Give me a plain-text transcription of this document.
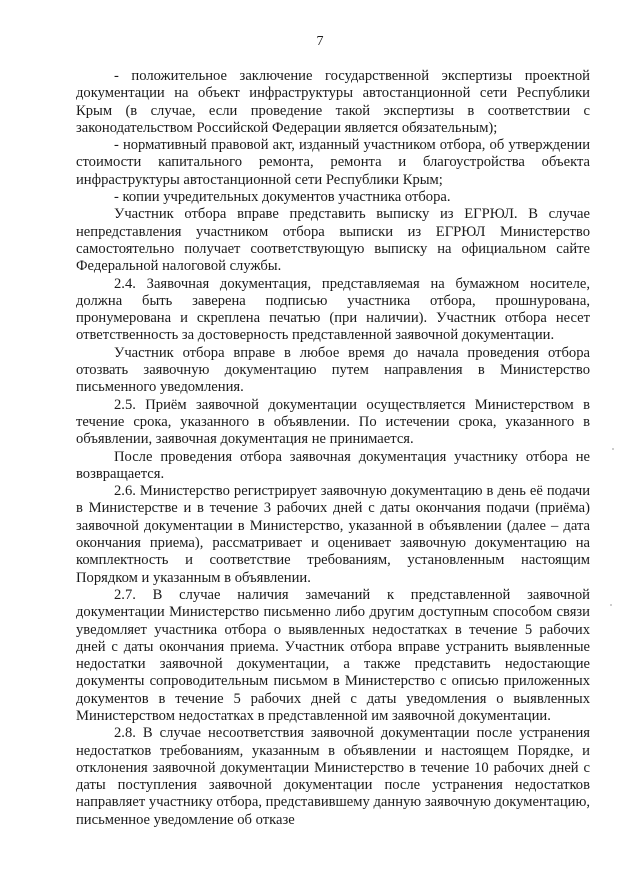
7

- положительное заключение государственной экспертизы проектной документации на объект инфраструктуры автостанционной сети Республики Крым (в случае, если проведение такой экспертизы в соответствии с законодательством Российской Федерации является обязательным);

- нормативный правовой акт, изданный участником отбора, об утверждении стоимости капитального ремонта, ремонта и благоустройства объекта инфраструктуры автостанционной сети Республики Крым;

- копии учредительных документов участника отбора.

Участник отбора вправе представить выписку из ЕГРЮЛ. В случае непредставления участником отбора выписки из ЕГРЮЛ Министерство самостоятельно получает соответствующую выписку на официальном сайте Федеральной налоговой службы.

2.4. Заявочная документация, представляемая на бумажном носителе, должна быть заверена подписью участника отбора, прошнурована, пронумерована и скреплена печатью (при наличии). Участник отбора несет ответственность за достоверность представленной заявочной документации.

Участник отбора вправе в любое время до начала проведения отбора отозвать заявочную документацию путем направления в Министерство письменного уведомления.

2.5. Приём заявочной документации осуществляется Министерством в течение срока, указанного в объявлении. По истечении срока, указанного в объявлении, заявочная документация не принимается.

После проведения отбора заявочная документация участнику отбора не возвращается.

2.6. Министерство регистрирует заявочную документацию в день её подачи в Министерстве и в течение 3 рабочих дней с даты окончания подачи (приёма) заявочной документации в Министерство, указанной в объявлении (далее – дата окончания приема), рассматривает и оценивает заявочную документацию на комплектность и соответствие требованиям, установленным настоящим Порядком и указанным в объявлении.

2.7. В случае наличия замечаний к представленной заявочной документации Министерство письменно либо другим доступным способом связи уведомляет участника отбора о выявленных недостатках в течение 5 рабочих дней с даты окончания приема. Участник отбора вправе устранить выявленные недостатки заявочной документации, а также представить недостающие документы сопроводительным письмом в Министерство с описью приложенных документов в течение 5 рабочих дней с даты уведомления о выявленных Министерством недостатках в представленной им заявочной документации.

2.8. В случае несоответствия заявочной документации после устранения недостатков требованиям, указанным в объявлении и настоящем Порядке, и отклонения заявочной документации Министерство в течение 10 рабочих дней с даты поступления заявочной документации после устранения недостатков направляет участнику отбора, представившему данную заявочную документацию, письменное уведомление об отказе
